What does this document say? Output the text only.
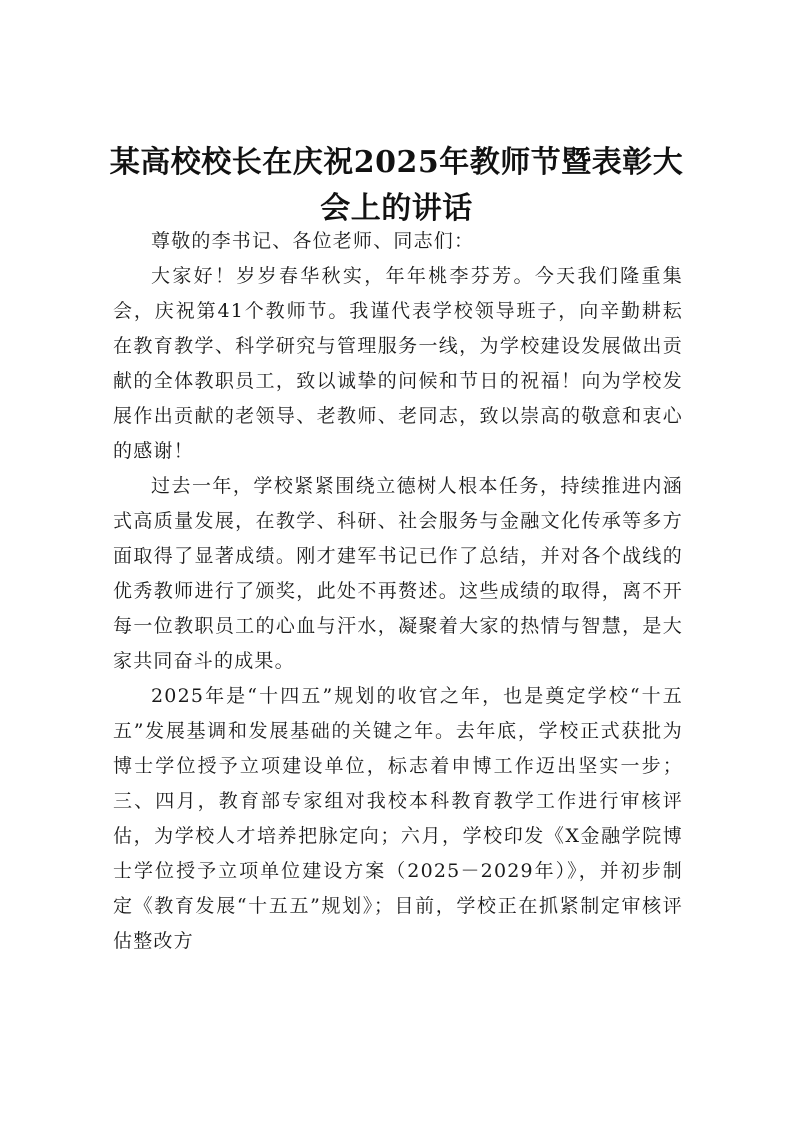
某高校校长在庆祝2025年教师节暨表彰大会上的讲话

尊敬的李书记、各位老师、同志们：

大家好！岁岁春华秋实，年年桃李芬芳。今天我们隆重集会，庆祝第41个教师节。我谨代表学校领导班子，向辛勤耕耘在教育教学、科学研究与管理服务一线，为学校建设发展做出贡献的全体教职员工，致以诚挚的问候和节日的祝福！向为学校发展作出贡献的老领导、老教师、老同志，致以崇高的敬意和衷心的感谢！

过去一年，学校紧紧围绕立德树人根本任务，持续推进内涵式高质量发展，在教学、科研、社会服务与金融文化传承等多方面取得了显著成绩。刚才建军书记已作了总结，并对各个战线的优秀教师进行了颁奖，此处不再赘述。这些成绩的取得，离不开每一位教职员工的心血与汗水，凝聚着大家的热情与智慧，是大家共同奋斗的成果。

2025年是“十四五”规划的收官之年，也是奠定学校“十五五”发展基调和发展基础的关键之年。去年底，学校正式获批为博士学位授予立项建设单位，标志着申博工作迈出坚实一步；三、四月，教育部专家组对我校本科教育教学工作进行审核评估，为学校人才培养把脉定向；六月，学校印发《X金融学院博士学位授予立项单位建设方案（2025－2029年）》，并初步制定《教育发展“十五五”规划》；目前，学校正在抓紧制定审核评估整改方
